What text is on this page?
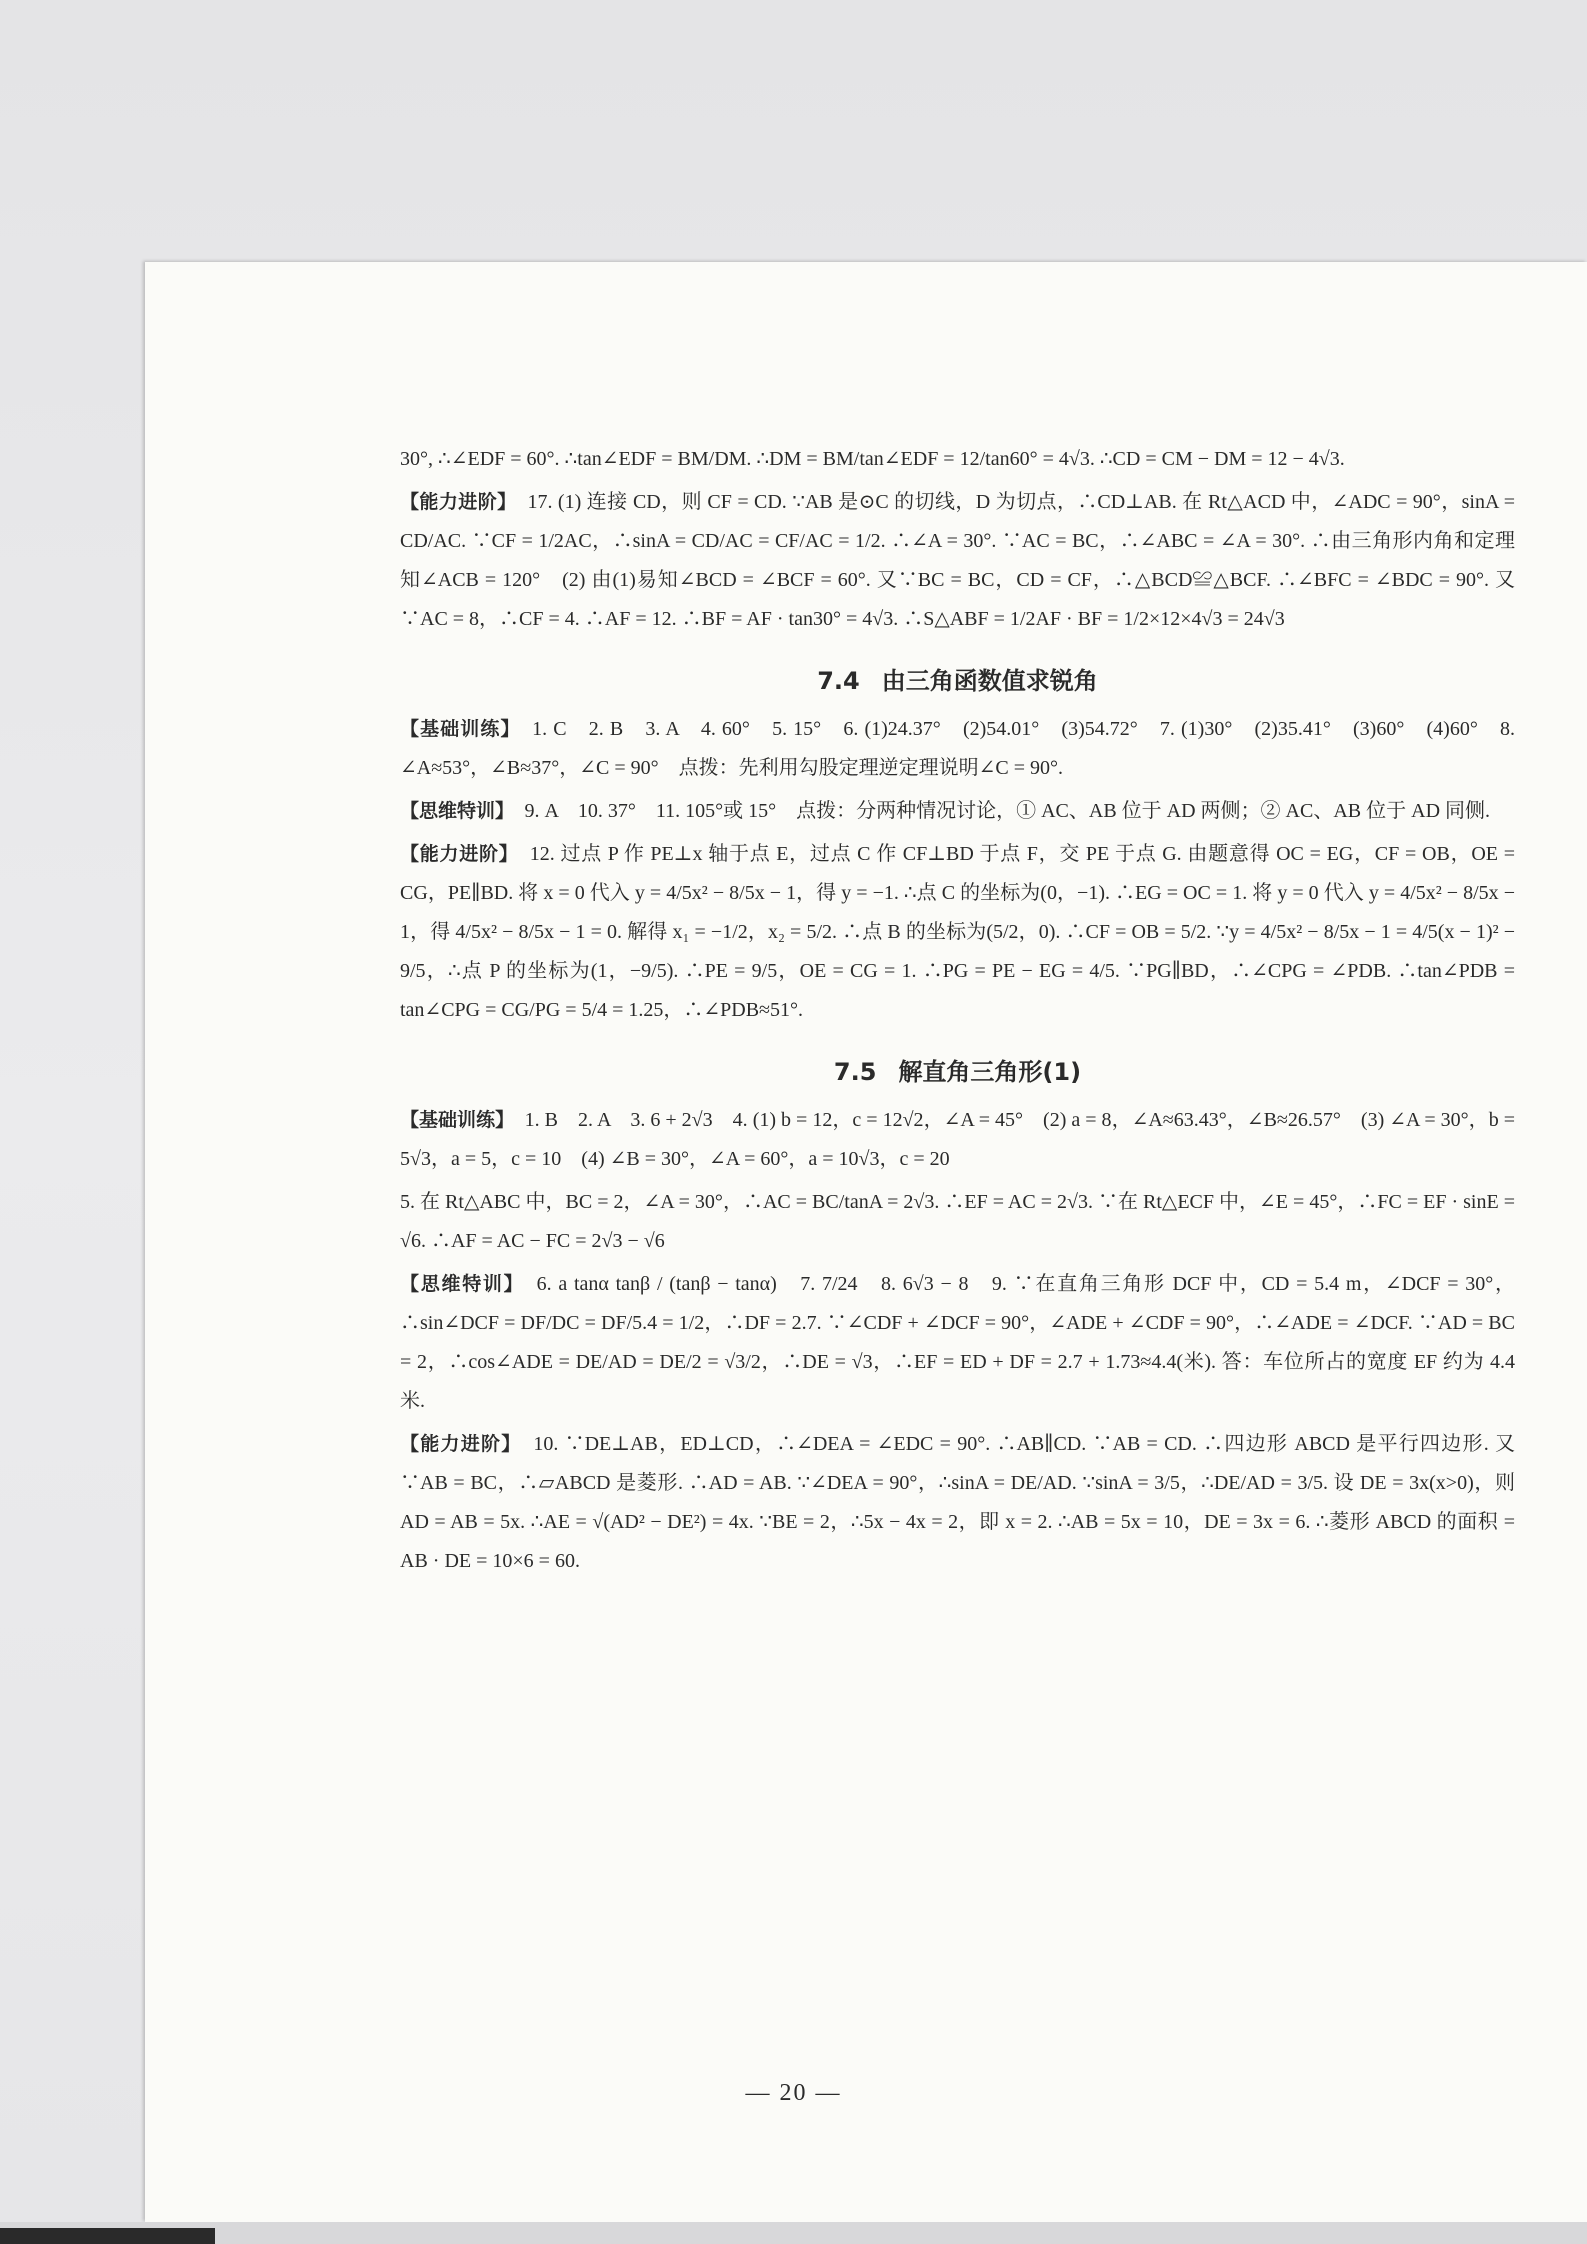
30°, ∴∠EDF = 60°. ∴tan∠EDF = BM/DM. ∴DM = BM/tan∠EDF = 12/tan60° = 4√3. ∴CD = CM − DM = 12 − 4√3.

【能力进阶】　 17. (1) 连接 CD，则 CF = CD. ∵AB 是⊙C 的切线，D 为切点，∴CD⊥AB. 在 Rt△ACD 中，∠ADC = 90°，sinA = CD/AC. ∵CF = 1/2AC，∴sinA = CD/AC = CF/AC = 1/2. ∴∠A = 30°. ∵AC = BC，∴∠ABC = ∠A = 30°. ∴由三角形内角和定理知∠ACB = 120°　(2) 由(1)易知∠BCD = ∠BCF = 60°. 又∵BC = BC，CD = CF，∴△BCD≌△BCF. ∴∠BFC = ∠BDC = 90°. 又∵AC = 8，∴CF = 4. ∴AF = 12. ∴BF = AF · tan30° = 4√3. ∴S△ABF = 1/2AF · BF = 1/2×12×4√3 = 24√3

7.4 由三角函数值求锐角

【基础训练】　 1. C　2. B　3. A　4. 60°　5. 15°　6. (1)24.37°　(2)54.01°　(3)54.72°　7. (1)30°　(2)35.41°　(3)60°　(4)60°　8. ∠A≈53°，∠B≈37°，∠C = 90°　点拨：先利用勾股定理逆定理说明∠C = 90°.

【思维特训】　 9. A　10. 37°　11. 105°或 15°　点拨：分两种情况讨论，① AC、AB 位于 AD 两侧；② AC、AB 位于 AD 同侧.

【能力进阶】　 12. 过点 P 作 PE⊥x 轴于点 E，过点 C 作 CF⊥BD 于点 F，交 PE 于点 G. 由题意得 OC = EG，CF = OB，OE = CG，PE∥BD. 将 x = 0 代入 y = 4/5x² − 8/5x − 1，得 y = −1. ∴点 C 的坐标为(0，−1). ∴EG = OC = 1. 将 y = 0 代入 y = 4/5x² − 8/5x − 1，得 4/5x² − 8/5x − 1 = 0. 解得 x₁ = −1/2，x₂ = 5/2. ∴点 B 的坐标为(5/2，0). ∴CF = OB = 5/2. ∵y = 4/5x² − 8/5x − 1 = 4/5(x − 1)² − 9/5，∴点 P 的坐标为(1，−9/5). ∴PE = 9/5，OE = CG = 1. ∴PG = PE − EG = 4/5. ∵PG∥BD，∴∠CPG = ∠PDB. ∴tan∠PDB = tan∠CPG = CG/PG = 5/4 = 1.25，∴∠PDB≈51°.

7.5 解直角三角形(1)

【基础训练】　 1. B　2. A　3. 6 + 2√3　4. (1) b = 12，c = 12√2，∠A = 45°　(2) a = 8，∠A≈63.43°，∠B≈26.57°　(3) ∠A = 30°，b = 5√3，a = 5，c = 10　(4) ∠B = 30°，∠A = 60°，a = 10√3，c = 20

5. 在 Rt△ABC 中，BC = 2，∠A = 30°，∴AC = BC/tanA = 2√3. ∴EF = AC = 2√3. ∵在 Rt△ECF 中，∠E = 45°，∴FC = EF · sinE = √6. ∴AF = AC − FC = 2√3 − √6

【思维特训】　 6. a tanα tanβ / (tanβ − tanα)　7. 7/24　8. 6√3 − 8　9. ∵在直角三角形 DCF 中，CD = 5.4 m，∠DCF = 30°，∴sin∠DCF = DF/DC = DF/5.4 = 1/2，∴DF = 2.7. ∵∠CDF + ∠DCF = 90°，∠ADE + ∠CDF = 90°，∴∠ADE = ∠DCF. ∵AD = BC = 2，∴cos∠ADE = DE/AD = DE/2 = √3/2，∴DE = √3，∴EF = ED + DF = 2.7 + 1.73≈4.4(米). 答：车位所占的宽度 EF 约为 4.4 米.

【能力进阶】　 10. ∵DE⊥AB，ED⊥CD，∴∠DEA = ∠EDC = 90°. ∴AB∥CD. ∵AB = CD. ∴四边形 ABCD 是平行四边形. 又∵AB = BC，∴▱ABCD 是菱形. ∴AD = AB. ∵∠DEA = 90°，∴sinA = DE/AD. ∵sinA = 3/5，∴DE/AD = 3/5. 设 DE = 3x(x>0)，则 AD = AB = 5x. ∴AE = √(AD² − DE²) = 4x. ∵BE = 2，∴5x − 4x = 2，即 x = 2. ∴AB = 5x = 10，DE = 3x = 6. ∴菱形 ABCD 的面积 = AB · DE = 10×6 = 60.

— 20 —
